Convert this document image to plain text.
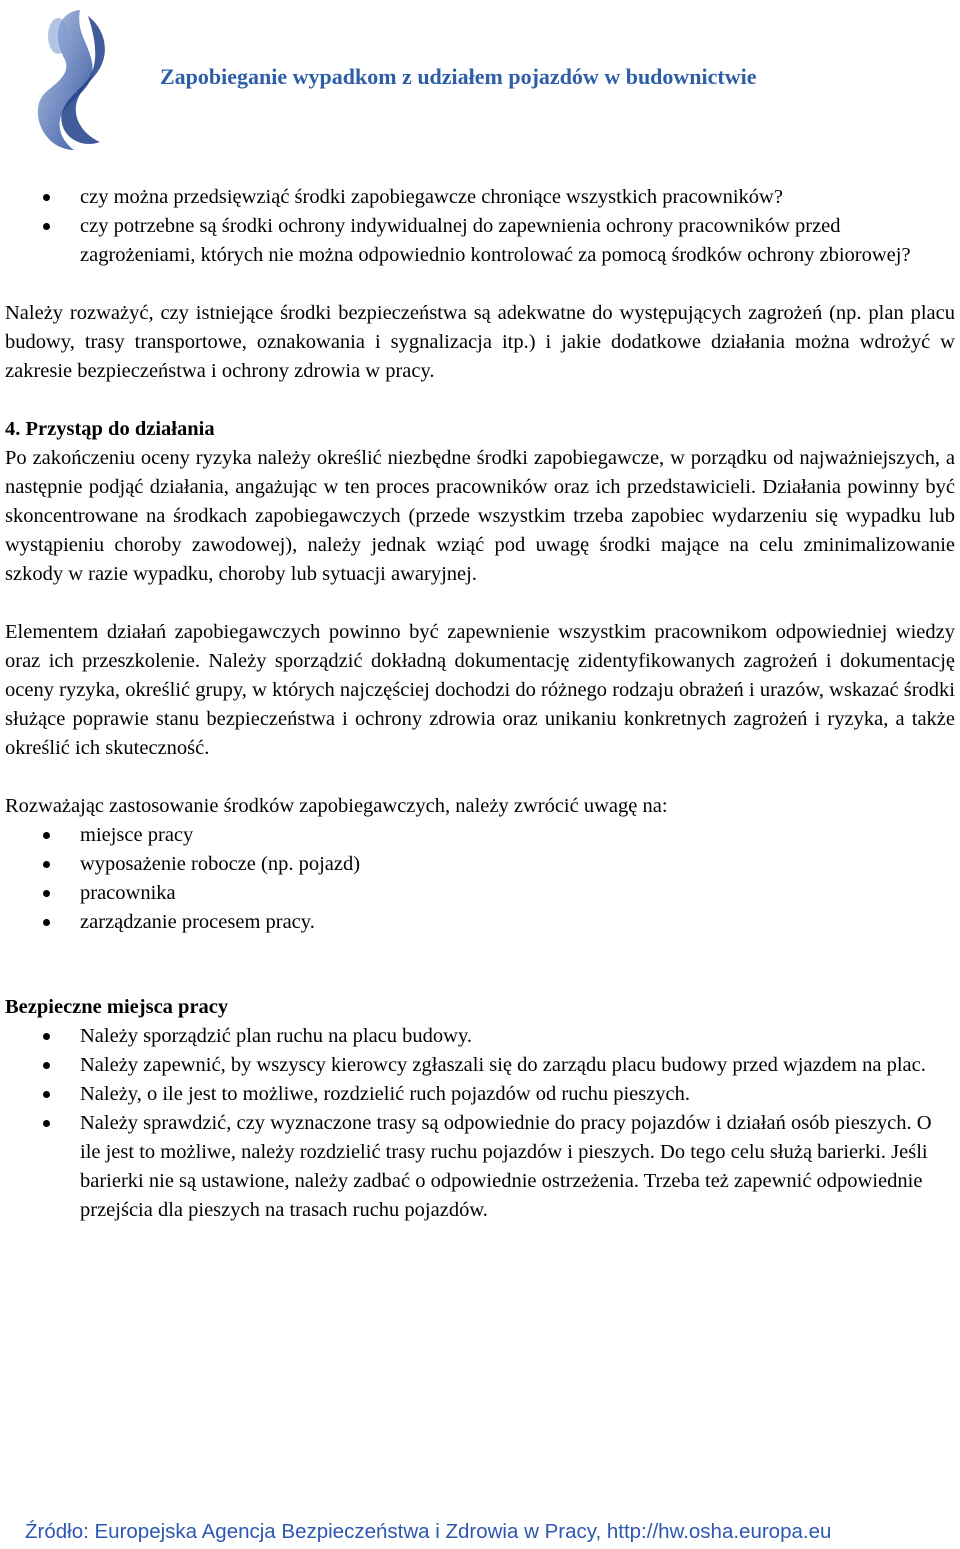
Zapobieganie wypadkom z udziałem pojazdów w budownictwie
czy można przedsięwziąć środki zapobiegawcze chroniące wszystkich pracowników?
czy potrzebne są środki ochrony indywidualnej do zapewnienia ochrony pracowników przed zagrożeniami, których nie można odpowiednio kontrolować za pomocą środków ochrony zbiorowej?

Należy rozważyć, czy istniejące środki bezpieczeństwa są adekwatne do występujących zagrożeń (np. plan placu budowy, trasy transportowe, oznakowania i sygnalizacja itp.) i jakie dodatkowe działania można wdrożyć w zakresie bezpieczeństwa i ochrony zdrowia w pracy.

4. Przystąp do działania

Po zakończeniu oceny ryzyka należy określić niezbędne środki zapobiegawcze, w porządku od najważniejszych, a następnie podjąć działania, angażując w ten proces pracowników oraz ich przedstawicieli. Działania powinny być skoncentrowane na środkach zapobiegawczych (przede wszystkim trzeba zapobiec wydarzeniu się wypadku lub wystąpieniu choroby zawodowej), należy jednak wziąć pod uwagę środki mające na celu zminimalizowanie szkody w razie wypadku, choroby lub sytuacji awaryjnej.

Elementem działań zapobiegawczych powinno być zapewnienie wszystkim pracownikom odpowiedniej wiedzy oraz ich przeszkolenie. Należy sporządzić dokładną dokumentację zidentyfikowanych zagrożeń i dokumentację oceny ryzyka, określić grupy, w których najczęściej dochodzi do różnego rodzaju obrażeń i urazów, wskazać środki służące poprawie stanu bezpieczeństwa i ochrony zdrowia oraz unikaniu konkretnych zagrożeń i ryzyka, a także określić ich skuteczność.

Rozważając zastosowanie środków zapobiegawczych, należy zwrócić uwagę na:

miejsce pracy
wyposażenie robocze (np. pojazd)
pracownika
zarządzanie procesem pracy.
Bezpieczne miejsca pracy
Należy sporządzić plan ruchu na placu budowy.
Należy zapewnić, by wszyscy kierowcy zgłaszali się do zarządu placu budowy przed wjazdem na plac.
Należy, o ile jest to możliwe, rozdzielić ruch pojazdów od ruchu pieszych.
Należy sprawdzić, czy wyznaczone trasy są odpowiednie do pracy pojazdów i działań osób pieszych. O ile jest to możliwe, należy rozdzielić trasy ruchu pojazdów i pieszych. Do tego celu służą barierki. Jeśli barierki nie są ustawione, należy zadbać o odpowiednie ostrzeżenia. Trzeba też zapewnić odpowiednie przejścia dla pieszych na trasach ruchu pojazdów.
Źródło: Europejska Agencja Bezpieczeństwa i Zdrowia w Pracy, http://hw.osha.europa.eu
